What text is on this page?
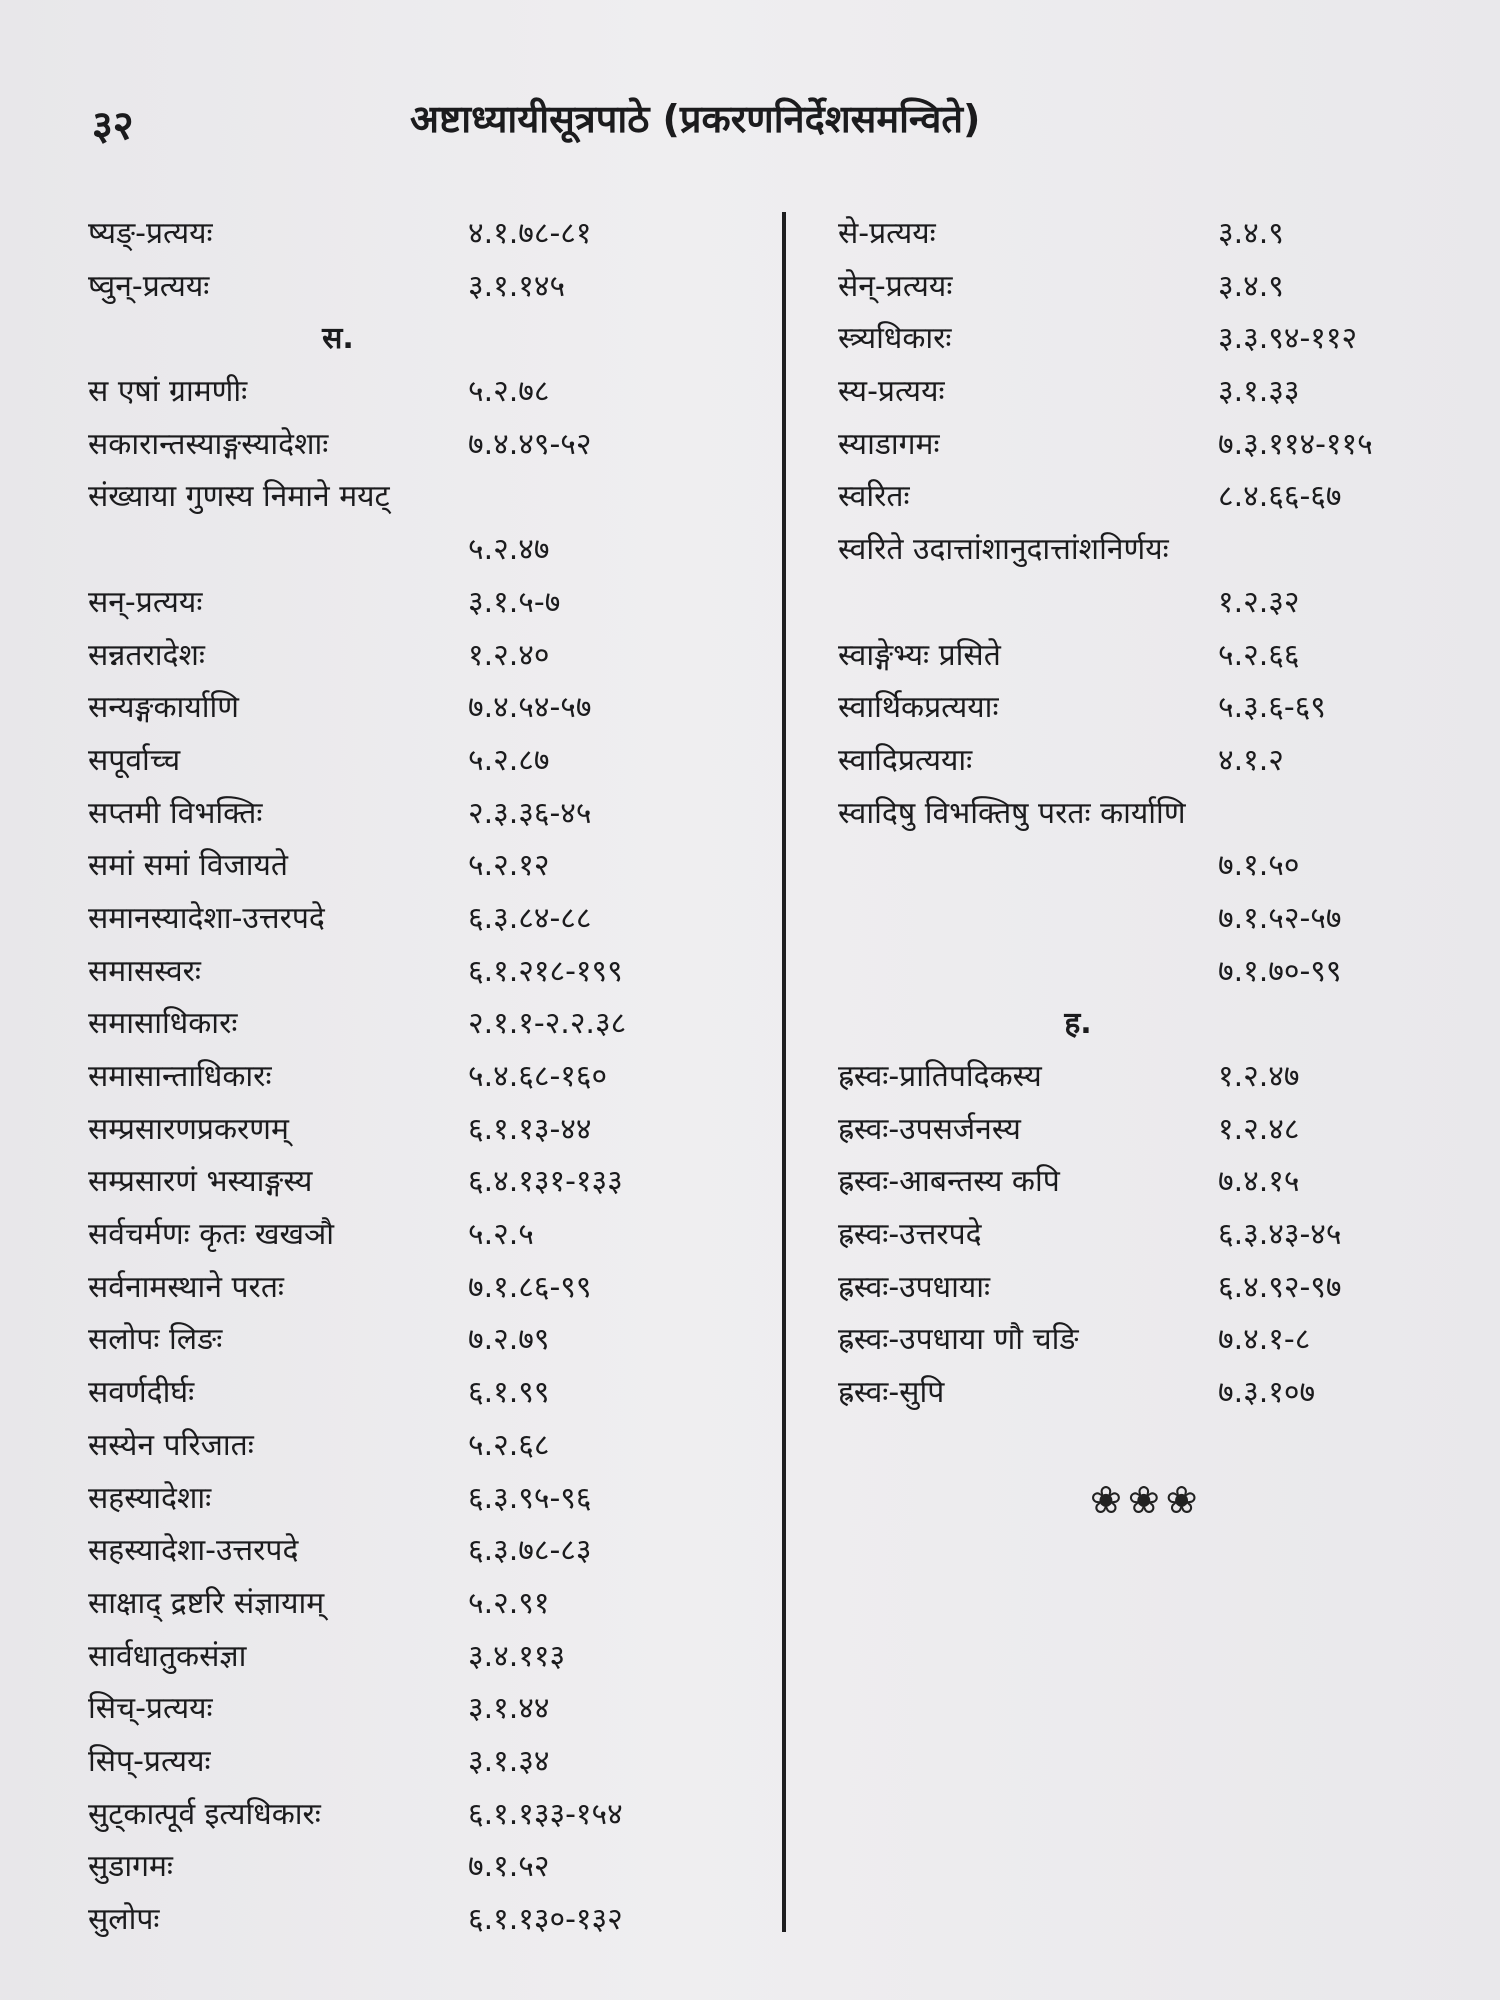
३२	अष्टाध्यायीसूत्रपाठे (प्रकरणनिर्देशसमन्विते)
ष्यङ्-प्रत्ययः	४.१.७८-८१
ष्वुन्-प्रत्ययः	३.१.१४५
स.
स एषां ग्रामणीः	५.२.७८
सकारान्तस्याङ्गस्यादेशाः	७.४.४९-५२
संख्याया गुणस्य निमाने मयट्
५.२.४७
सन्-प्रत्ययः	३.१.५-७
सन्नतरादेशः	१.२.४०
सन्यङ्गकार्याणि	७.४.५४-५७
सपूर्वाच्च	५.२.८७
सप्तमी विभक्तिः	२.३.३६-४५
समां समां विजायते	५.२.१२
समानस्यादेशा-उत्तरपदे	६.३.८४-८८
समासस्वरः	६.१.२१८-१९९
समासाधिकारः	२.१.१-२.२.३८
समासान्ताधिकारः	५.४.६८-१६०
सम्प्रसारणप्रकरणम्	६.१.१३-४४
सम्प्रसारणं भस्याङ्गस्य	६.४.१३१-१३३
सर्वचर्मणः कृतः खखञौ	५.२.५
सर्वनामस्थाने परतः	७.१.८६-९९
सलोपः लिङः	७.२.७९
सवर्णदीर्घः	६.१.९९
सस्येन परिजातः	५.२.६८
सहस्यादेशाः	६.३.९५-९६
सहस्यादेशा-उत्तरपदे	६.३.७८-८३
साक्षाद् द्रष्टरि संज्ञायाम्	५.२.९१
सार्वधातुकसंज्ञा	३.४.११३
सिच्-प्रत्ययः	३.१.४४
सिप्-प्रत्ययः	३.१.३४
सुट्कात्पूर्व इत्यधिकारः	६.१.१३३-१५४
सुडागमः	७.१.५२
सुलोपः	६.१.१३०-१३२
से-प्रत्ययः	३.४.९
सेन्-प्रत्ययः	३.४.९
स्त्र्यधिकारः	३.३.९४-११२
स्य-प्रत्ययः	३.१.३३
स्याडागमः	७.३.११४-११५
स्वरितः	८.४.६६-६७
स्वरिते उदात्तांशानुदात्तांशनिर्णयः
१.२.३२
स्वाङ्गेभ्यः प्रसिते	५.२.६६
स्वार्थिकप्रत्ययाः	५.३.६-६९
स्वादिप्रत्ययाः	४.१.२
स्वादिषु विभक्तिषु परतः कार्याणि
७.१.५०
७.१.५२-५७
७.१.७०-९९
ह.
ह्रस्वः-प्रातिपदिकस्य	१.२.४७
ह्रस्वः-उपसर्जनस्य	१.२.४८
ह्रस्वः-आबन्तस्य कपि	७.४.१५
ह्रस्वः-उत्तरपदे	६.३.४३-४५
ह्रस्वः-उपधायाः	६.४.९२-९७
ह्रस्वः-उपधाया णौ चङि	७.४.१-८
ह्रस्वः-सुपि	७.३.१०७
❀❀❀
